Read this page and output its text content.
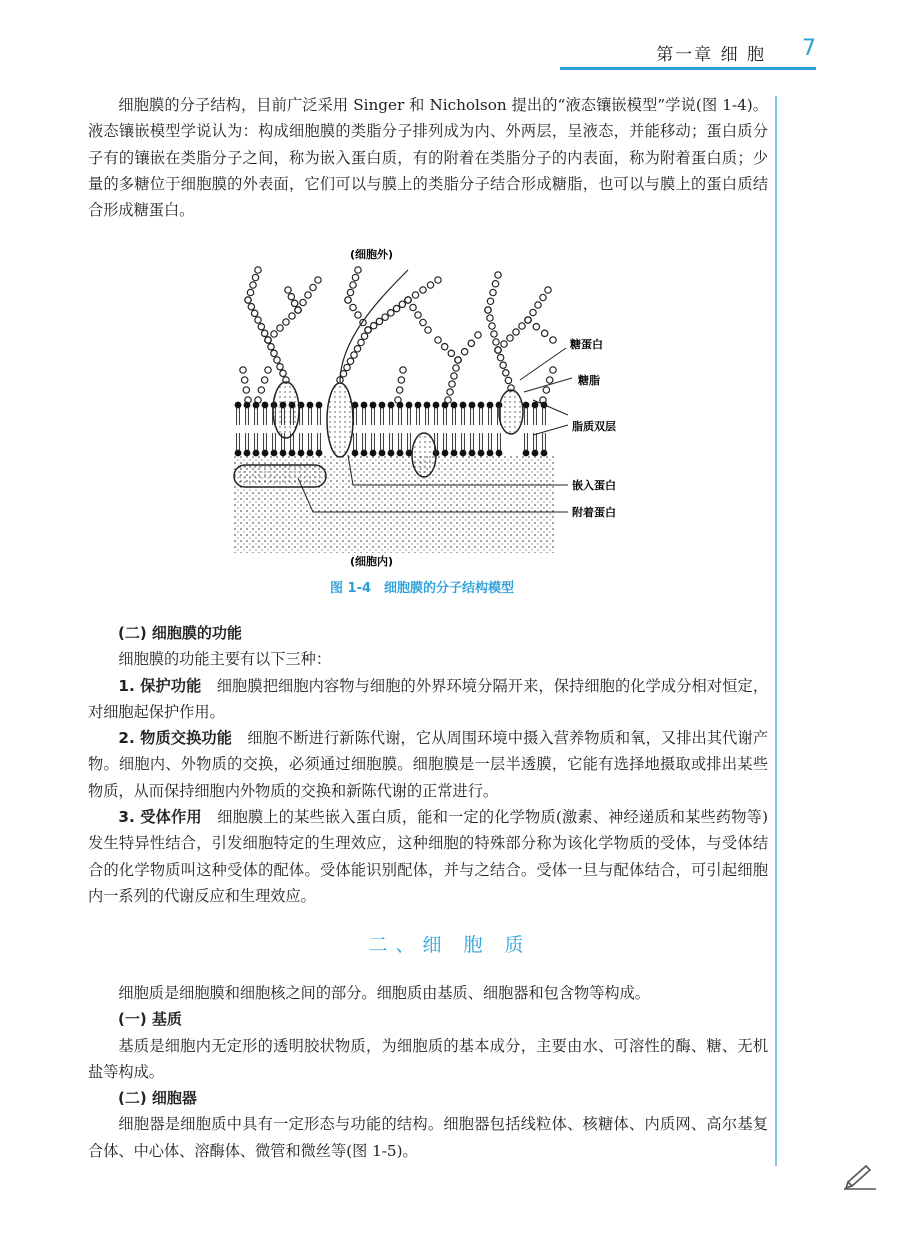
第一章 细 胞 7

细胞膜的分子结构，目前广泛采用 Singer 和 Nicholson 提出的“液态镶嵌模型”学说(图 1-4)。液态镶嵌模型学说认为：构成细胞膜的类脂分子排列成为内、外两层，呈液态，并能移动；蛋白质分子有的镶嵌在类脂分子之间，称为嵌入蛋白质，有的附着在类脂分子的内表面，称为附着蛋白质；少量的多糖位于细胞膜的外表面，它们可以与膜上的类脂分子结合形成糖脂，也可以与膜上的蛋白质结合形成糖蛋白。

(细胞外)
糖蛋白
糖脂
脂质双层
嵌入蛋白
附着蛋白
(细胞内)
图 1-4　细胞膜的分子结构模型

(二) 细胞膜的功能

细胞膜的功能主要有以下三种：

1. 保护功能　细胞膜把细胞内容物与细胞的外界环境分隔开来，保持细胞的化学成分相对恒定，对细胞起保护作用。

2. 物质交换功能　细胞不断进行新陈代谢，它从周围环境中摄入营养物质和氧，又排出其代谢产物。细胞内、外物质的交换，必须通过细胞膜。细胞膜是一层半透膜，它能有选择地摄取或排出某些物质，从而保持细胞内外物质的交换和新陈代谢的正常进行。

3. 受体作用　细胞膜上的某些嵌入蛋白质，能和一定的化学物质(激素、神经递质和某些药物等)发生特异性结合，引发细胞特定的生理效应，这种细胞的特殊部分称为该化学物质的受体，与受体结合的化学物质叫这种受体的配体。受体能识别配体，并与之结合。受体一旦与配体结合，可引起细胞内一系列的代谢反应和生理效应。

二、细 胞 质

细胞质是细胞膜和细胞核之间的部分。细胞质由基质、细胞器和包含物等构成。

(一) 基质

基质是细胞内无定形的透明胶状物质，为细胞质的基本成分，主要由水、可溶性的酶、糖、无机盐等构成。

(二) 细胞器

细胞器是细胞质中具有一定形态与功能的结构。细胞器包括线粒体、核糖体、内质网、高尔基复合体、中心体、溶酶体、微管和微丝等(图 1-5)。
